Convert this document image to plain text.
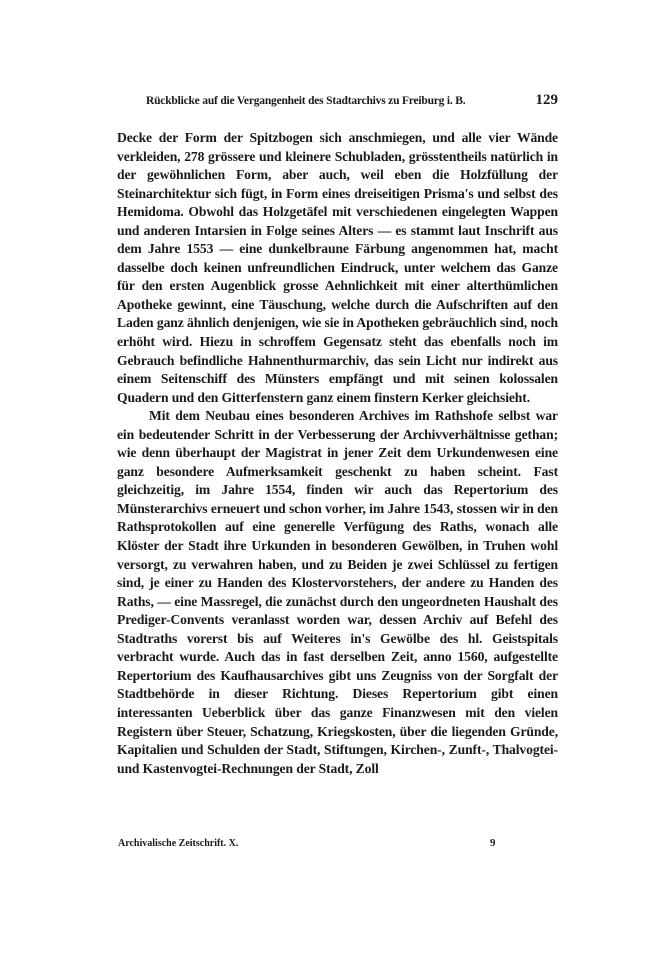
Rückblicke auf die Vergangenheit des Stadtarchivs zu Freiburg i. B.	129

Decke der Form der Spitzbogen sich anschmiegen, und alle vier Wände verkleiden, 278 grössere und kleinere Schubladen, grösstentheils natürlich in der gewöhnlichen Form, aber auch, weil eben die Holzfüllung der Steinarchitektur sich fügt, in Form eines dreiseitigen Prisma's und selbst des Hemidoma. Obwohl das Holzgetäfel mit verschiedenen eingelegten Wappen und anderen Intarsien in Folge seines Alters — es stammt laut Inschrift aus dem Jahre 1553 — eine dunkelbraune Färbung angenommen hat, macht dasselbe doch keinen unfreundlichen Eindruck, unter welchem das Ganze für den ersten Augenblick grosse Aehnlichkeit mit einer alterthümlichen Apotheke gewinnt, eine Täuschung, welche durch die Aufschriften auf den Laden ganz ähnlich denjenigen, wie sie in Apotheken gebräuchlich sind, noch erhöht wird. Hiezu in schroffem Gegensatz steht das ebenfalls noch im Gebrauch befindliche Hahnenthurmarchiv, das sein Licht nur indirekt aus einem Seitenschiff des Münsters empfängt und mit seinen kolossalen Quadern und den Gitterfenstern ganz einem finstern Kerker gleichsieht.

Mit dem Neubau eines besonderen Archives im Rathshofe selbst war ein bedeutender Schritt in der Verbesserung der Archivverhältnisse gethan; wie denn überhaupt der Magistrat in jener Zeit dem Urkundenwesen eine ganz besondere Aufmerksamkeit geschenkt zu haben scheint. Fast gleichzeitig, im Jahre 1554, finden wir auch das Repertorium des Münsterarchivs erneuert und schon vorher, im Jahre 1543, stossen wir in den Rathsprotokollen auf eine generelle Verfügung des Raths, wonach alle Klöster der Stadt ihre Urkunden in besonderen Gewölben, in Truhen wohl versorgt, zu verwahren haben, und zu Beiden je zwei Schlüssel zu fertigen sind, je einer zu Handen des Klostervorstehers, der andere zu Handen des Raths, — eine Massregel, die zunächst durch den ungeordneten Haushalt des Prediger-Convents veranlasst worden war, dessen Archiv auf Befehl des Stadtraths vorerst bis auf Weiteres in's Gewölbe des hl. Geistspitals verbracht wurde. Auch das in fast derselben Zeit, anno 1560, aufgestellte Repertorium des Kaufhausarchives gibt uns Zeugniss von der Sorgfalt der Stadtbehörde in dieser Richtung. Dieses Repertorium gibt einen interessanten Ueberblick über das ganze Finanzwesen mit den vielen Registern über Steuer, Schatzung, Kriegskosten, über die liegenden Gründe, Kapitalien und Schulden der Stadt, Stiftungen, Kirchen-, Zunft-, Thalvogtei- und Kastenvogtei-Rechnungen der Stadt, Zoll

Archivalische Zeitschrift. X.	9
